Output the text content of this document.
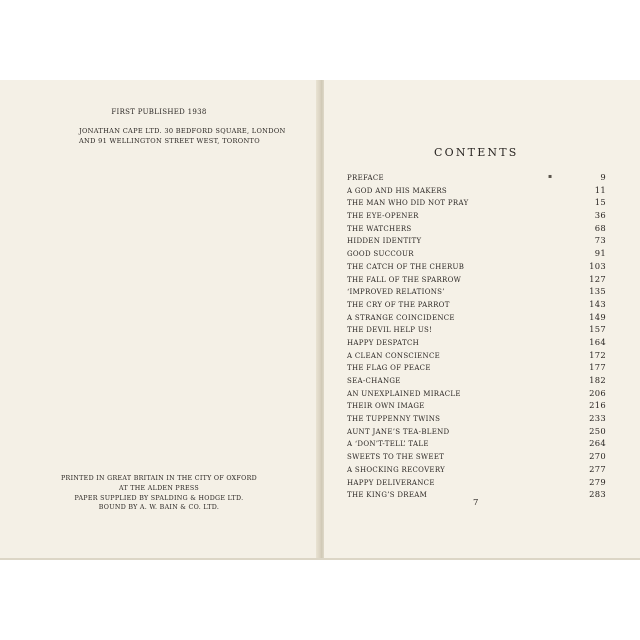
FIRST PUBLISHED 1938
JONATHAN CAPE LTD. 30 BEDFORD SQUARE, LONDON
AND 91 WELLINGTON STREET WEST, TORONTO
PRINTED IN GREAT BRITAIN IN THE CITY OF OXFORD
AT THE ALDEN PRESS
PAPER SUPPLIED BY SPALDING & HODGE LTD.
BOUND BY A. W. BAIN & CO. LTD.
CONTENTS
▪
PREFACE	9
A GOD AND HIS MAKERS	11
THE MAN WHO DID NOT PRAY	15
THE EYE-OPENER	36
THE WATCHERS	68
HIDDEN IDENTITY	73
GOOD SUCCOUR	91
THE CATCH OF THE CHERUB	103
THE FALL OF THE SPARROW	127
‘IMPROVED RELATIONS’	135
THE CRY OF THE PARROT	143
A STRANGE COINCIDENCE	149
THE DEVIL HELP US!	157
HAPPY DESPATCH	164
A CLEAN CONSCIENCE	172
THE FLAG OF PEACE	177
SEA-CHANGE	182
AN UNEXPLAINED MIRACLE	206
THEIR OWN IMAGE	216
THE TUPPENNY TWINS	233
AUNT JANE’S TEA-BLEND	250
A ‘DON’T-TELL’ TALE	264
SWEETS TO THE SWEET	270
A SHOCKING RECOVERY	277
HAPPY DELIVERANCE	279
THE KING’S DREAM	283
7
